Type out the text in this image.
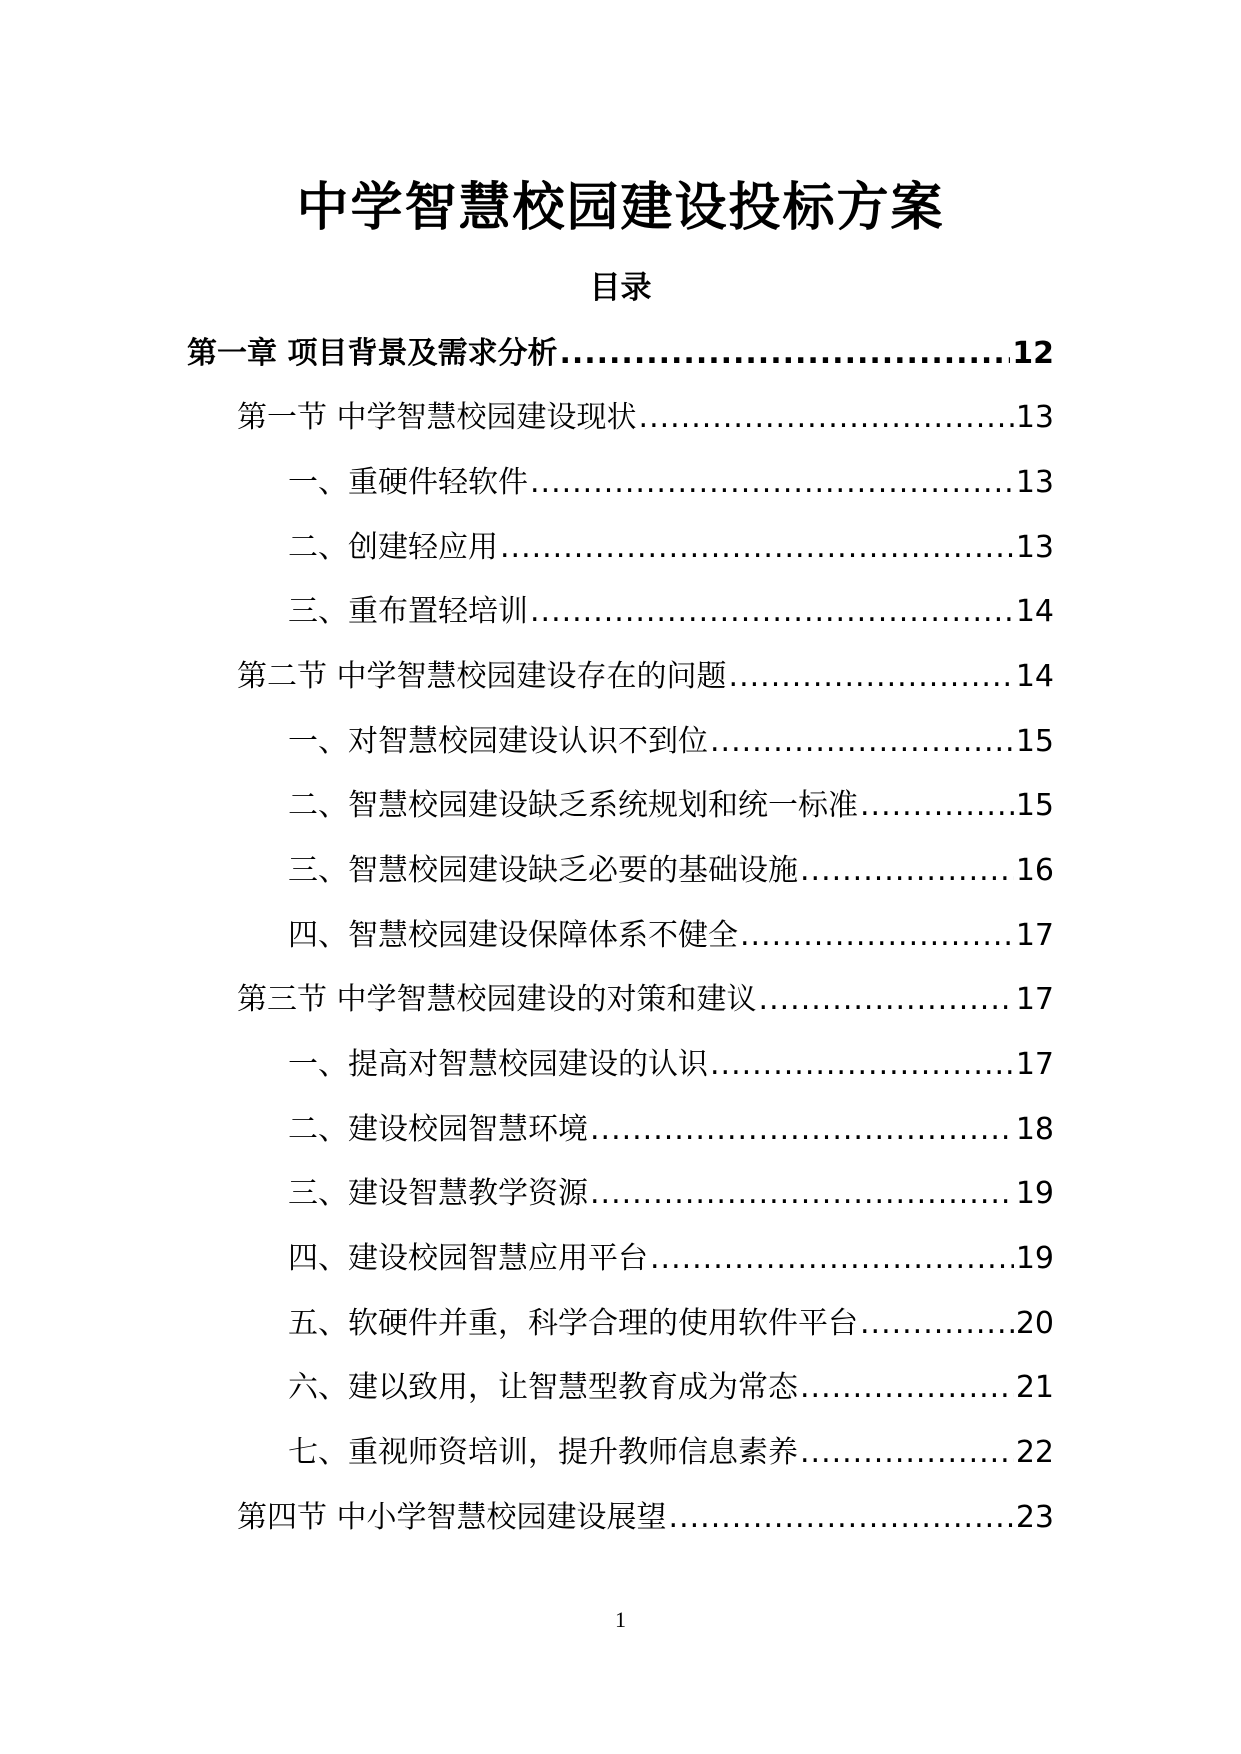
中学智慧校园建设投标方案
目录
第一章 项目背景及需求分析 .....	12
第一节 中学智慧校园建设现状 .....	13
一、重硬件轻软件 .....	13
二、创建轻应用 .....	13
三、重布置轻培训 .....	14
第二节 中学智慧校园建设存在的问题 .....	14
一、对智慧校园建设认识不到位 .....	15
二、智慧校园建设缺乏系统规划和统一标准 .....	15
三、智慧校园建设缺乏必要的基础设施 .....	16
四、智慧校园建设保障体系不健全 .....	17
第三节 中学智慧校园建设的对策和建议 .....	17
一、提高对智慧校园建设的认识 .....	17
二、建设校园智慧环境 .....	18
三、建设智慧教学资源 .....	19
四、建设校园智慧应用平台 .....	19
五、软硬件并重，科学合理的使用软件平台 .....	20
六、建以致用，让智慧型教育成为常态 .....	21
七、重视师资培训，提升教师信息素养 .....	22
第四节 中小学智慧校园建设展望 .....	23
1
